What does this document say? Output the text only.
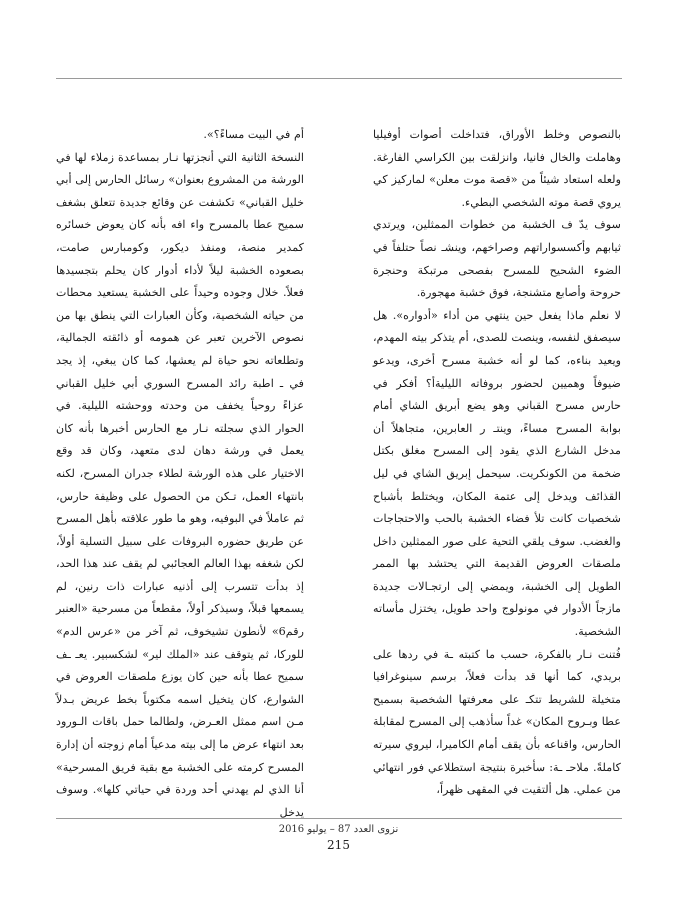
بالنصوص وخلط الأوراق، فتداخلت أصوات أوفيليا وهاملت والخال فانيا، وانزلقت بين الكراسي الفارغة. ولعله استعاد شيئاً من «قصة موت معلن» لماركيز كي يروي قصة موته الشخصي البطيء.

سوف يدّ ف الخشبة من خطوات الممثلين، ويرتدي ثيابهم وأكسسواراتهم وصراخهم، وينشـ نصاً حتلفاً في الضوء الشحيح للمسرح بفصحى مرتبكة وحنجرة حروحة وأصابع متشنجة، فوق خشبة مهجورة.

لا نعلم ماذا يفعل حين ينتهي من أداء «أدواره». هل سيصفق لنفسه، وينصت للصدى، أم يتذكر بيته المهدم، ويعيد بناءه، كما لو أنه خشبة مسرح أخرى، ويدعو ضيوفاً وهميين لحضور بروفاته الليليةأ؟ أفكر في حارس مسرح القباني وهو يضع أبريق الشاي أمام بوابة المسرح مساءً، وينتـ ر العابرين، متجاهلاً أن مدخل الشارع الذي يقود إلى المسرح مغلق بكتل ضخمة من الكونكريت. سيحمل إبريق الشاي في ليل القذائف ويدخل إلى عتمة المكان، ويختلط بأشباح شخصيات كانت تلأ فضاء الخشبة بالحب والاحتجاجات والغضب. سوف يلقي التحية على صور الممثلين داخل ملصقات العروض القديمة التي يحتشد بها الممر الطويل إلى الخشبة، ويمضي إلى ارتجـالات جديدة مازجاً الأدوار في مونولوج واحد طويل، يختزل مأساته الشخصية.

فُتنت نـار بالفكرة، حسب ما كتبته ـة في ردها على بريدي، كما أنها قد بدأت فعلاً، برسم سينوغرافيا متخيلة للشريط تتكـ على معرفتها الشخصية بسميح عطا وبـروح المكان» غداً سأذهب إلى المسرح لمقابلة الحارس، واقناعه بأن يقف أمام الكاميرا، ليروي سيرته كاملةً. ملاحـ ـة: سأخبرة بنتيجة استطلاعي فور انتهائي من عملي. هل ألتقيت في المقهى ظهراً،

أم في البيت مساءً؟».

النسخة الثانية التي أنجزتها نـار بمساعدة زملاء لها في الورشة من المشروع بعنوان» رسائل الحارس إلى أبي خليل القباني» تكشفت عن وقائع جديدة تتعلق بشغف سميح عطا بالمسرح واء افه بأنه كان يعوض خسائره كمدير منصة، ومنفذ ديكور، وكومبارس صامت، بصعوده الخشبة ليلاً لأداء أدوار كان يحلم بتجسيدها فعلاً. خلال وجوده وحيداً على الخشبة يستعيد محطات من حياته الشخصية، وكأن العبارات التي ينطق بها من نصوص الآخرين تعبر عن همومه أو ذائقته الجمالية، وتطلعاته نحو حياة لم يعشها، كما كان يبغي، إذ يجد في ـ اطبة رائد المسرح السوري أبي خليل القباني عزاءً روحياً يخفف من وحدته ووحشته الليلية. في الحوار الذي سجلته نـار مع الحارس أخبرها بأنه كان يعمل في ورشة دهان لدى متعهد، وكان قد وقع الاختيار على هذه الورشة لطلاء جدران المسرح، لكنه بانتهاء العمل، تـكن من الحصول على وظيفة حارس، ثم عاملاً في البوفيه، وهو ما طور علاقته بأهل المسرح عن طريق حضوره البروفات على سبيل التسلية أولاً، لكن شغفه بهذا العالم العجائبي لم يقف عند هذا الحد، إذ بدأت تتسرب إلى أذنيه عبارات ذات رنين، لم يسمعها قبلاً، وسيذكر أولاً، مقطعاً من مسرحية «العنبر رقم6» لأنطون تشيخوف، ثم آخر من «عرس الدم» للوركا، ثم يتوقف عند «الملك لير» لشكسبير. يعـ ـف سميح عطا بأنه حين كان يوزع ملصقات العروض في الشوارع، كان يتخيل اسمه مكتوباً بخط عريض بـدلاً مـن اسم ممثل العـرض، ولطالما حمل باقات الـورود بعد انتهاء عرض ما إلى بيته مدعياً أمام زوجته أن إدارة المسرح كرمته على الخشبة مع بقية فريق المسرحية» أنا الذي لم يهدني أحد وردة في حياتي كلها». وسوف يدخل

نزوى العدد 87 – يوليو 2016
215
